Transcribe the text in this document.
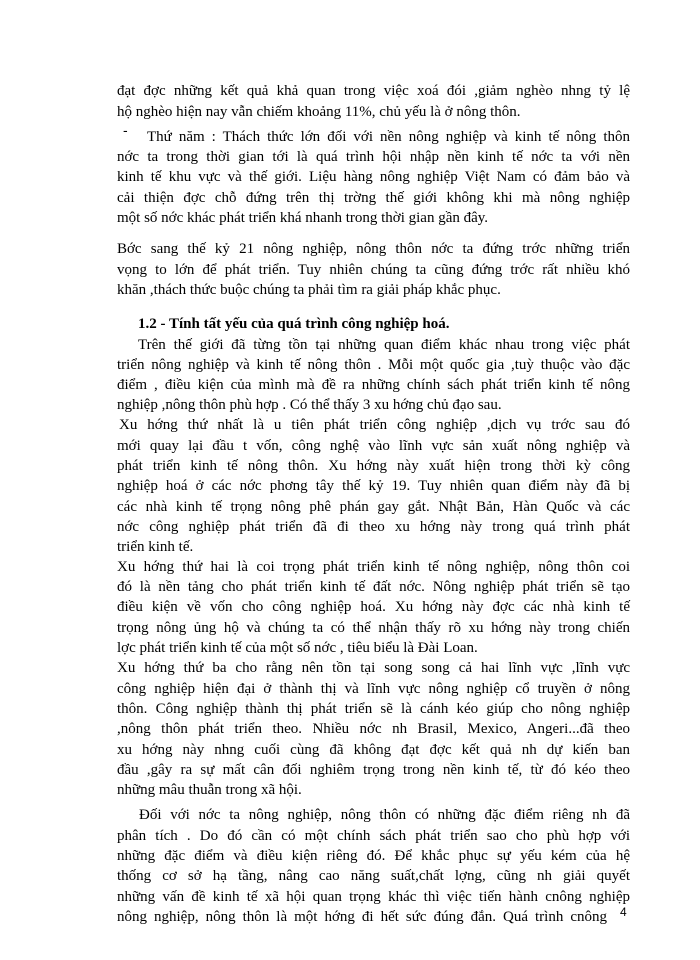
-
đạt đợc những kết quả khả quan trong việc xoá đói ,giảm nghèo nhng tỷ lệ
hộ nghèo hiện nay vẫn chiếm khoảng 11%, chủ yếu là ở nông thôn.
Thứ năm : Thách thức lớn đối với nền nông nghiệp và kinh tế nông thôn
nớc ta trong thời gian tới là quá trình hội nhập nền kinh tế nớc ta với nền
kinh tế khu vực và thế giới. Liệu hàng nông nghiệp Việt Nam có đảm bảo và
cải thiện đợc chỗ đứng trên thị trờng thế giới không khi mà nông nghiệp
một số nớc khác phát triển khá nhanh trong thời gian gần đây.
Bớc sang thế kỷ 21 nông nghiệp, nông thôn nớc ta đứng trớc những triển
vọng to lớn để phát triển. Tuy nhiên chúng ta cũng đứng trớc rất nhiều khó
khăn ,thách thức buộc chúng ta phải tìm ra giải pháp khắc phục.
1.2 - Tính tất yếu của quá trình công nghiệp hoá.
Trên thế giới đã từng tồn tại những quan điểm khác nhau trong việc phát
triển nông nghiệp và kinh tế nông thôn . Mỗi một quốc gia ,tuỳ thuộc vào đặc
điểm , điều kiện của mình mà đề ra những chính sách phát triển kinh tế nông
nghiệp ,nông thôn phù hợp . Có thể thấy 3 xu hớng chủ đạo sau.
Xu hớng thứ nhất là u tiên phát triển công nghiệp ,dịch vụ trớc sau đó
mới quay lại đầu t vốn, công nghệ vào lĩnh vực sản xuất nông nghiệp và
phát triển kinh tế nông thôn. Xu hớng này xuất hiện trong thời kỳ công
nghiệp hoá ở các nớc phơng tây thế kỷ 19. Tuy nhiên quan điểm này đã bị
các nhà kinh tế trọng nông phê phán gay gắt. Nhật Bản, Hàn Quốc và các
nớc công nghiệp phát triển đã đi theo xu hớng này trong quá trình phát
triển kinh tế.
Xu hớng thứ hai là coi trọng phát triển kinh tế nông nghiệp, nông thôn coi
đó là nền tảng cho phát triển kinh tế đất nớc. Nông nghiệp phát triển sẽ tạo
điều kiện về vốn cho công nghiệp hoá. Xu hớng này đợc các nhà kinh tế
trọng nông ủng hộ và chúng ta có thể nhận thấy rõ xu hớng này trong chiến
lợc phát triển kinh tế của một số nớc , tiêu biểu là Đài Loan.
Xu hớng thứ ba cho rằng nên tồn tại song song cả hai lĩnh vực ,lĩnh vực
công nghiệp hiện đại ở thành thị và lĩnh vực nông nghiệp cổ truyền ở nông
thôn. Công nghiệp thành thị phát triển sẽ là cánh kéo giúp cho nông nghiệp
,nông thôn phát triển theo. Nhiều nớc nh Brasil, Mexico, Angeri...đã theo
xu hớng này nhng cuối cùng đã không đạt đợc kết quả nh dự kiến ban
đầu ,gây ra sự mất cân đối nghiêm trọng trong nền kinh tế, từ đó kéo theo
những mâu thuẫn trong xã hội.
Đối với nớc ta nông nghiệp, nông thôn có những đặc điểm riêng nh đã
phân tích . Do đó cần có một chính sách phát triển sao cho phù hợp với
những đặc điểm và điều kiện riêng đó. Để khắc phục sự yếu kém của hệ
thống cơ sở hạ tầng, nâng cao năng suất,chất lợng, cũng nh giải quyết
những vấn đề kinh tế xã hội quan trọng khác thì việc tiến hành cnông nghiệp
nông nghiệp, nông thôn là một hớng đi hết sức đúng đắn. Quá trình cnông 4
